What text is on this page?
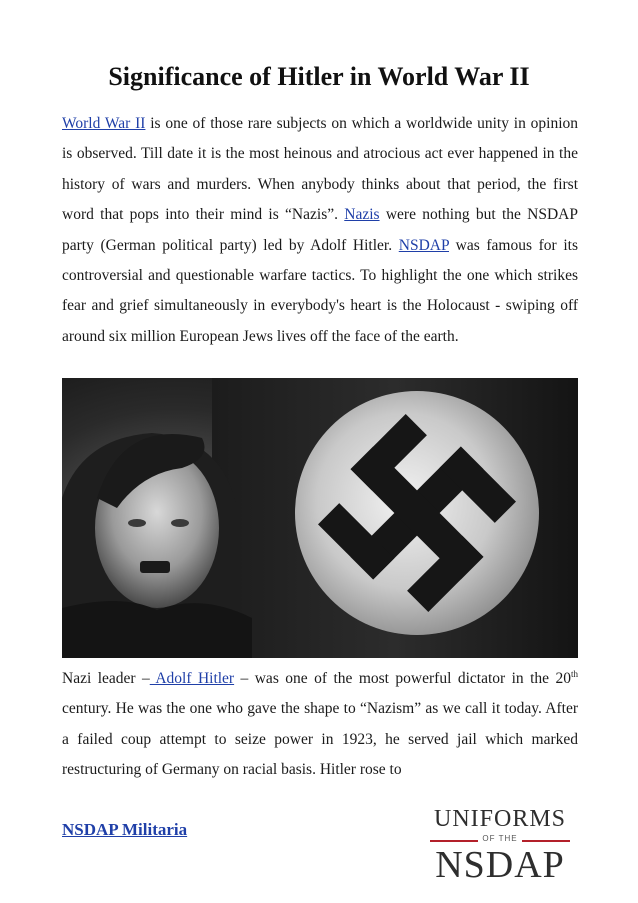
Significance of Hitler in World War II

World War II is one of those rare subjects on which a worldwide unity in opinion is observed. Till date it is the most heinous and atrocious act ever happened in the history of wars and murders. When anybody thinks about that period, the first word that pops into their mind is “Nazis”. Nazis were nothing but the NSDAP party (German political party) led by Adolf Hitler. NSDAP was famous for its controversial and questionable warfare tactics. To highlight the one which strikes fear and grief simultaneously in everybody's heart is the Holocaust - swiping off around six million European Jews lives off the face of the earth.

Nazi leader – Adolf Hitler – was one of the most powerful dictator in the 20th century. He was the one who gave the shape to “Nazism” as we call it today. After a failed coup attempt to seize power in 1923, he served jail which marked restructuring of Germany on racial basis. Hitler rose to

NSDAP Militaria	UNIFORMS
OF THE
NSDAP
